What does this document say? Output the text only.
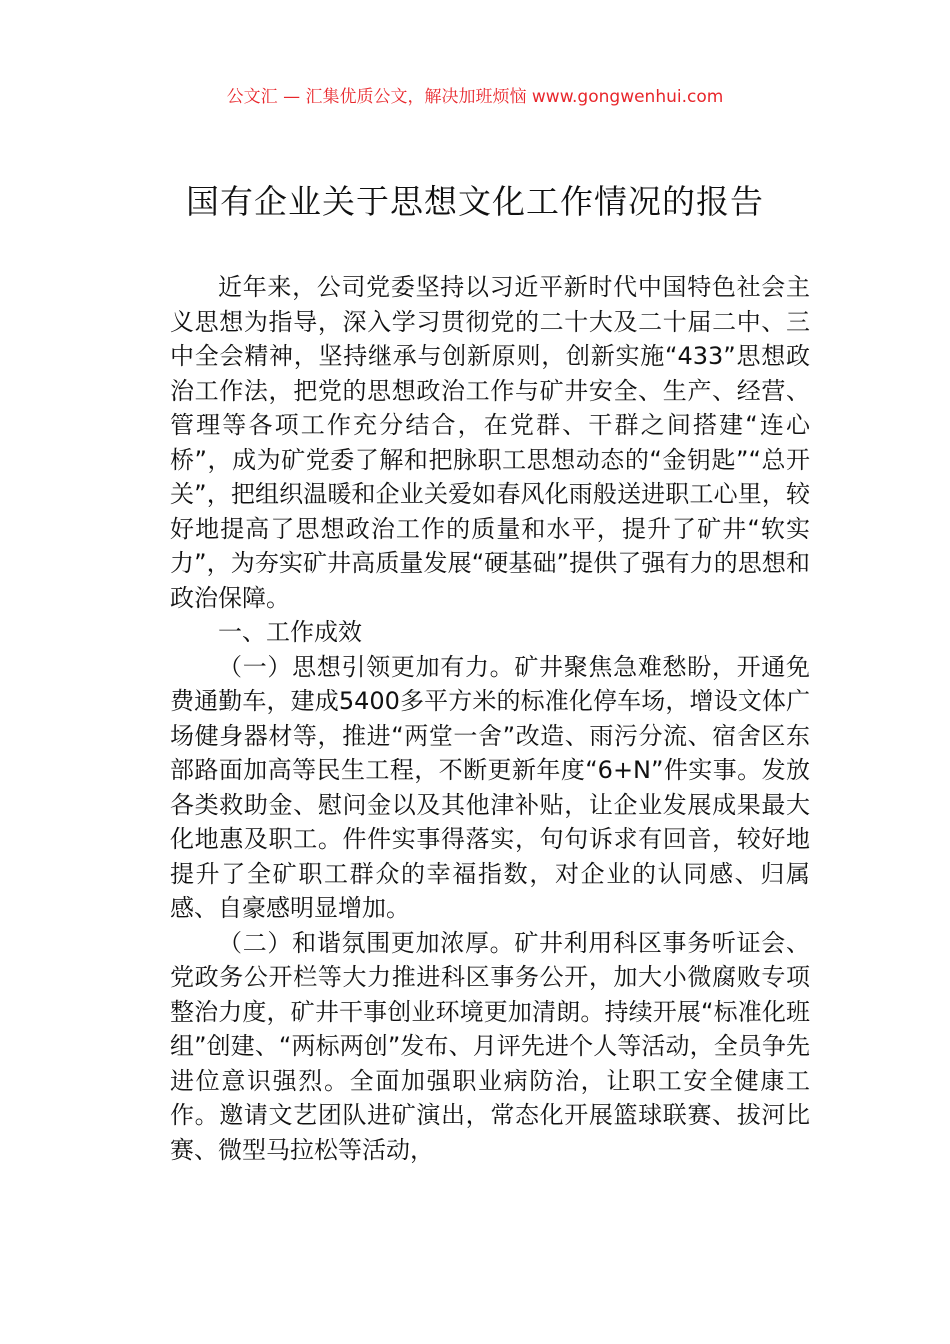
公文汇 — 汇集优质公文，解决加班烦恼 www.gongwenhui.com
国有企业关于思想文化工作情况的报告

近年来，公司党委坚持以习近平新时代中国特色社会主义思想为指导，深入学习贯彻党的二十大及二十届二中、三中全会精神，坚持继承与创新原则，创新实施“433”思想政治工作法，把党的思想政治工作与矿井安全、生产、经营、管理等各项工作充分结合，在党群、干群之间搭建“连心桥”，成为矿党委了解和把脉职工思想动态的“金钥匙”“总开关”，把组织温暖和企业关爱如春风化雨般送进职工心里，较好地提高了思想政治工作的质量和水平，提升了矿井“软实力”，为夯实矿井高质量发展“硬基础”提供了强有力的思想和政治保障。

一、工作成效

（一）思想引领更加有力。矿井聚焦急难愁盼，开通免费通勤车，建成5400多平方米的标准化停车场，增设文体广场健身器材等，推进“两堂一舍”改造、雨污分流、宿舍区东部路面加高等民生工程，不断更新年度“6+N”件实事。发放各类救助金、慰问金以及其他津补贴，让企业发展成果最大化地惠及职工。件件实事得落实，句句诉求有回音，较好地提升了全矿职工群众的幸福指数，对企业的认同感、归属感、自豪感明显增加。

（二）和谐氛围更加浓厚。矿井利用科区事务听证会、党政务公开栏等大力推进科区事务公开，加大小微腐败专项整治力度，矿井干事创业环境更加清朗。持续开展“标准化班组”创建、“两标两创”发布、月评先进个人等活动，全员争先进位意识强烈。全面加强职业病防治，让职工安全健康工作。邀请文艺团队进矿演出，常态化开展篮球联赛、拔河比赛、微型马拉松等活动，
